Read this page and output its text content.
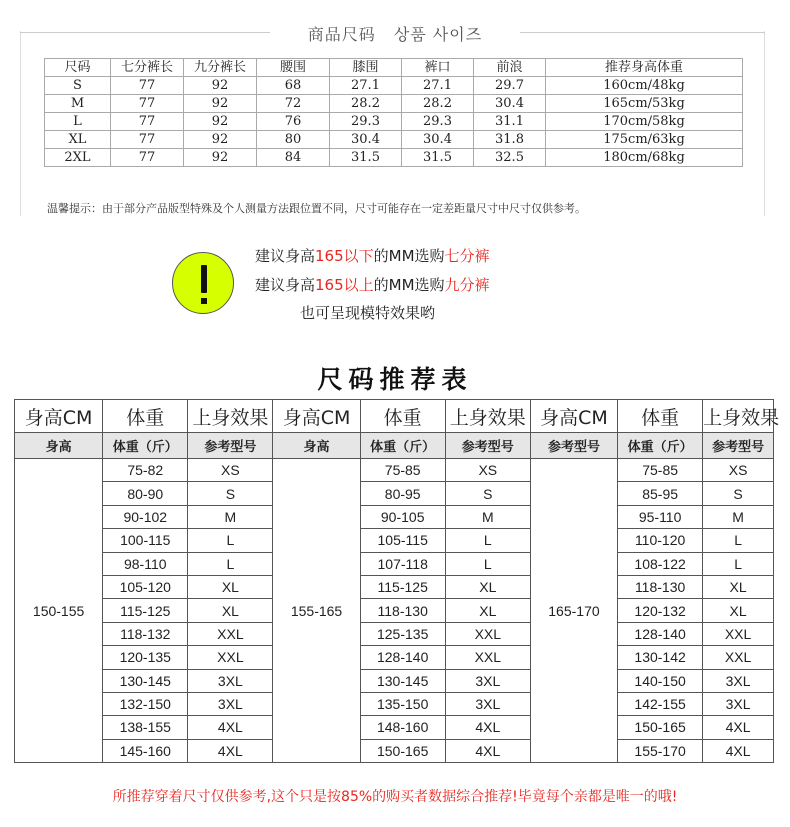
商品尺码 상품 사이즈
尺码	七分裤长	九分裤长	腰围	膝围	裤口	前浪	推荐身高体重
S	77	92	68	27.1	27.1	29.7	160cm/48kg
M	77	92	72	28.2	28.2	30.4	165cm/53kg
L	77	92	76	29.3	29.3	31.1	170cm/58kg
XL	77	92	80	30.4	30.4	31.8	175cm/63kg
2XL	77	92	84	31.5	31.5	32.5	180cm/68kg
温馨提示：由于部分产品版型特殊及个人测量方法跟位置不同，尺寸可能存在一定差距量尺寸中尺寸仅供参考。
建议身高165以下的MM选购七分裤
建议身高165以上的MM选购九分裤
也可呈现模特效果哟
尺码推荐表
身高CM	体重	上身效果	身高CM	体重	上身效果	身高CM	体重	上身效果
身高	体重（斤）	参考型号	身高	体重（斤）	参考型号	参考型号	体重（斤）	参考型号
150-155	75-82	XS	155-165	75-85	XS	165-170	75-85	XS
	80-90	S		80-95	S		85-95	S
	90-102	M		90-105	M		95-110	M
	100-115	L		105-115	L		110-120	L
	98-110	L		107-118	L		108-122	L
	105-120	XL		115-125	XL		118-130	XL
	115-125	XL		118-130	XL		120-132	XL
	118-132	XXL		125-135	XXL		128-140	XXL
	120-135	XXL		128-140	XXL		130-142	XXL
	130-145	3XL		130-145	3XL		140-150	3XL
	132-150	3XL		135-150	3XL		142-155	3XL
	138-155	4XL		148-160	4XL		150-165	4XL
	145-160	4XL		150-165	4XL		155-170	4XL
所推荐穿着尺寸仅供参考,这个只是按85%的购买者数据综合推荐!毕竟每个亲都是唯一的哦!
